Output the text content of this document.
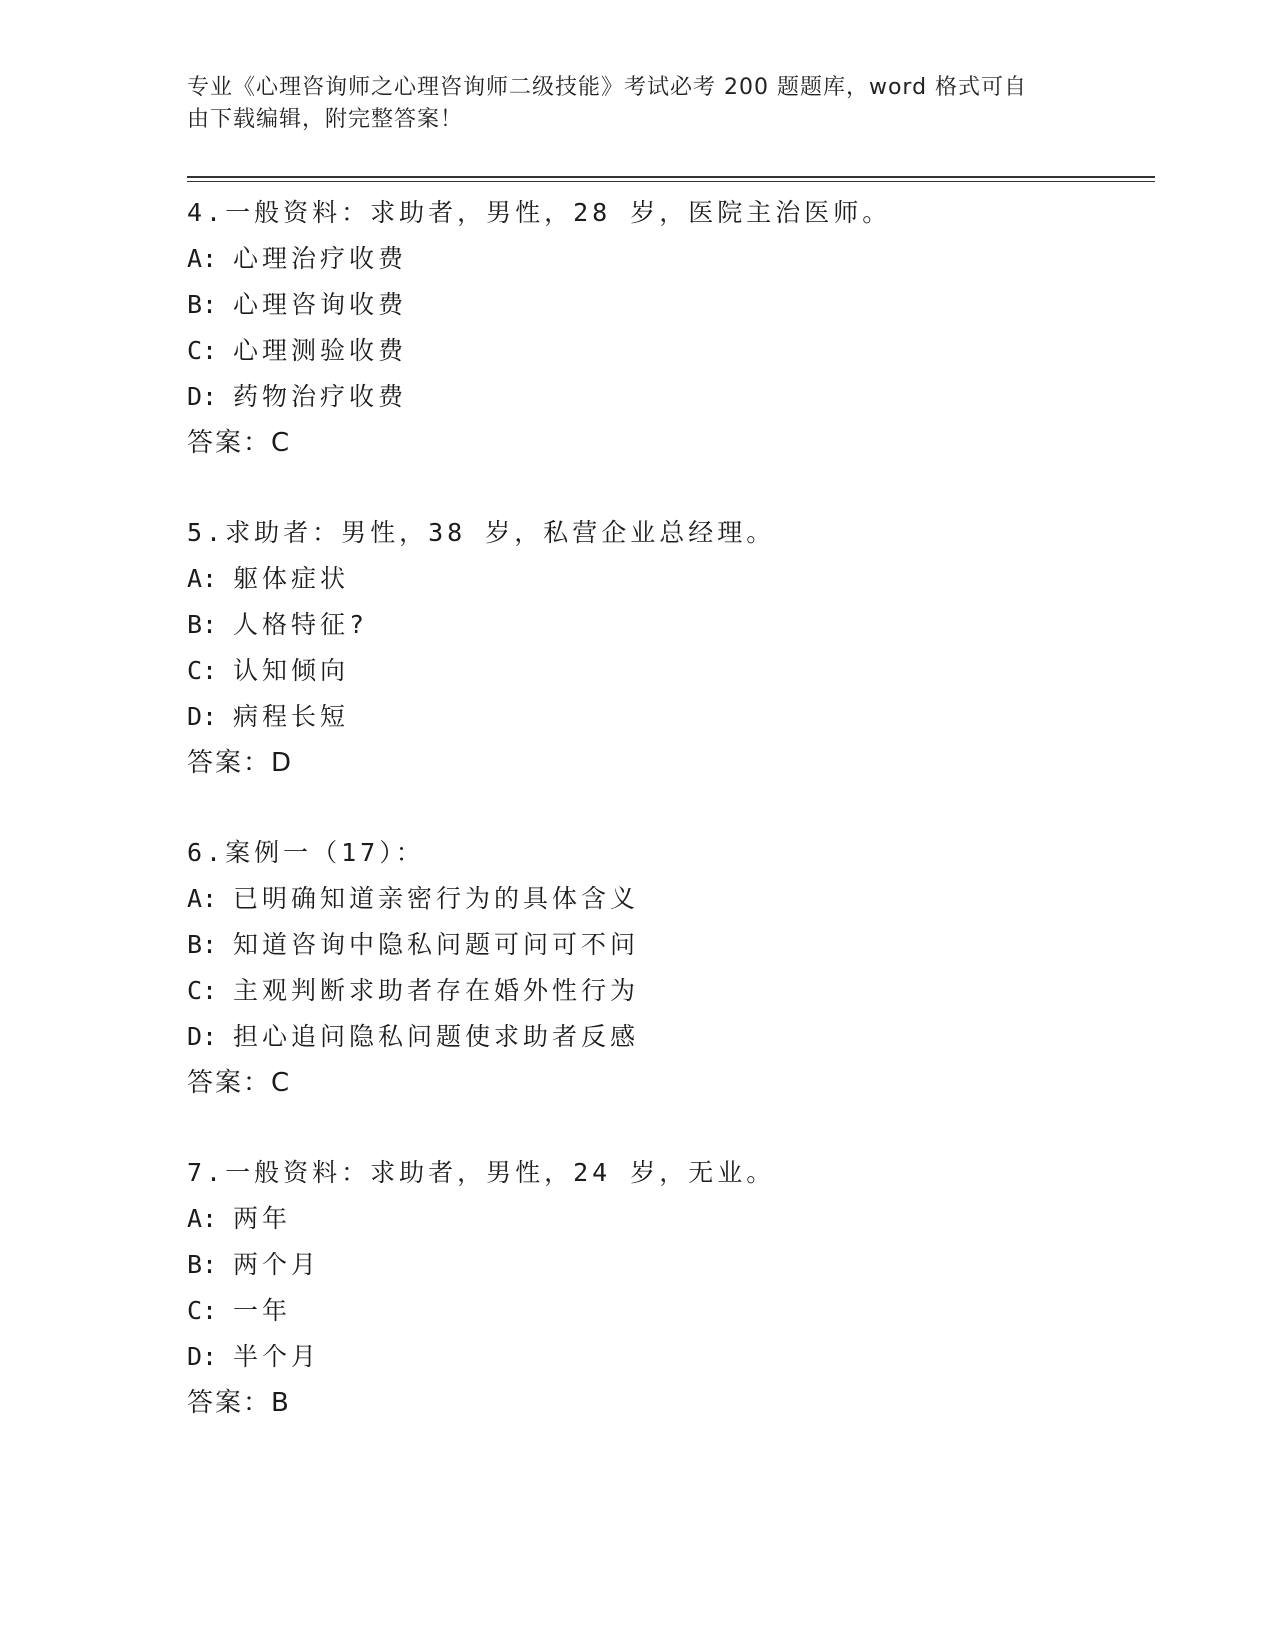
专业《心理咨询师之心理咨询师二级技能》考试必考 200 题题库，word 格式可自
由下载编辑，附完整答案！
4.一般资料：求助者，男性，28 岁，医院主治医师。
A: 心理治疗收费
B: 心理咨询收费
C: 心理测验收费
D: 药物治疗收费
答案：C
5.求助者：男性，38 岁，私营企业总经理。
A: 躯体症状
B: 人格特征?
C: 认知倾向
D: 病程长短
答案：D
6.案例一（17）：
A: 已明确知道亲密行为的具体含义
B: 知道咨询中隐私问题可问可不问
C: 主观判断求助者存在婚外性行为
D: 担心追问隐私问题使求助者反感
答案：C
7.一般资料：求助者，男性，24 岁，无业。
A: 两年
B: 两个月
C: 一年
D: 半个月
答案：B
